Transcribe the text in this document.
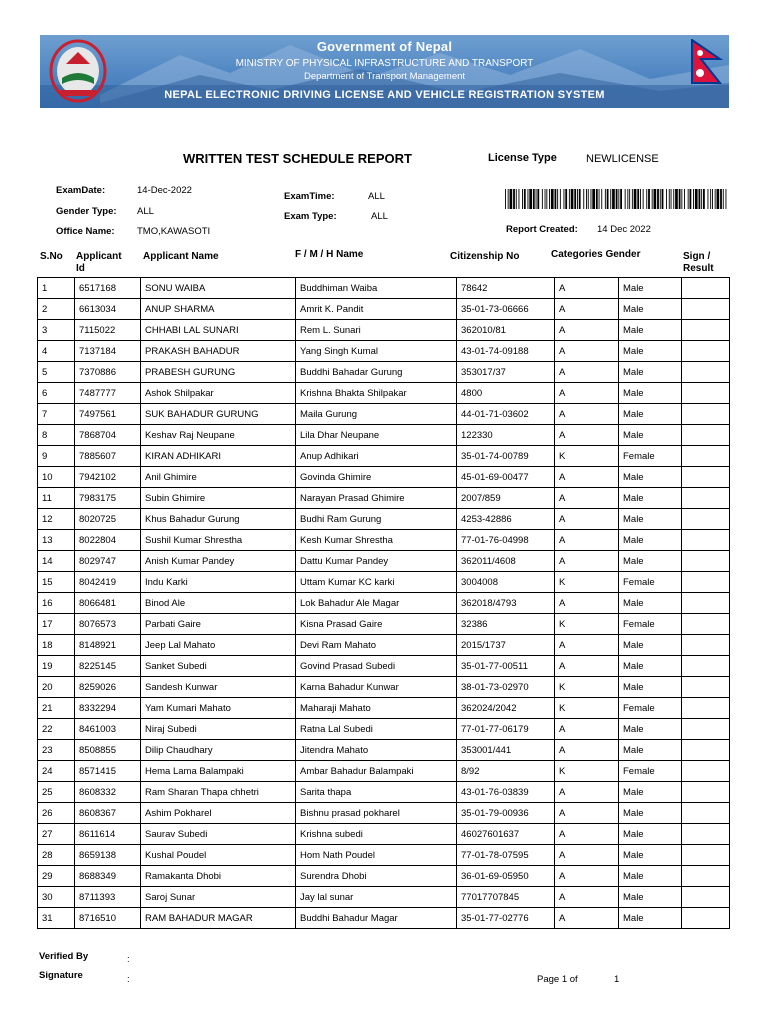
Government of Nepal
MINISTRY OF PHYSICAL INFRASTRUCTURE AND TRANSPORT
Department of Transport Management
NEPAL ELECTRONIC DRIVING LICENSE AND VEHICLE REGISTRATION SYSTEM
WRITTEN TEST SCHEDULE REPORT	License Type	NEWLICENSE
ExamDate:	14-Dec-2022
Gender Type: ALL
Office Name: TMO,KAWASOTI
ExamTime:	ALL
Exam Type:	ALL
Report Created: 14 Dec 2022
S.No Applicant
Id
Applicant Name	F / M / H Name	Citizenship No	Categories Gender	Sign /
Result
1	6517168	SONU WAIBA	Buddhiman Waiba	78642	A	Male	
2	6613034	ANUP SHARMA	Amrit K. Pandit	35-01-73-06666	A	Male	
3	7115022	CHHABI LAL SUNARI	Rem L. Sunari	362010/81	A	Male	
4	7137184	PRAKASH BAHADUR	Yang Singh Kumal	43-01-74-09188	A	Male	
5	7370886	PRABESH GURUNG	Buddhi Bahadar Gurung	353017/37	A	Male	
6	7487777	Ashok Shilpakar	Krishna Bhakta Shilpakar	4800	A	Male	
7	7497561	SUK BAHADUR GURUNG	Maila Gurung	44-01-71-03602	A	Male	
8	7868704	Keshav Raj Neupane	Lila Dhar Neupane	122330	A	Male	
9	7885607	KIRAN ADHIKARI	Anup Adhikari	35-01-74-00789	K	Female	
10	7942102	Anil Ghimire	Govinda Ghimire	45-01-69-00477	A	Male	
11	7983175	Subin Ghimire	Narayan Prasad Ghimire	2007/859	A	Male	
12	8020725	Khus Bahadur Gurung	Budhi Ram Gurung	4253-42886	A	Male	
13	8022804	Sushil Kumar Shrestha	Kesh Kumar Shrestha	77-01-76-04998	A	Male	
14	8029747	Anish Kumar Pandey	Dattu Kumar Pandey	362011/4608	A	Male	
15	8042419	Indu Karki	Uttam Kumar KC karki	3004008	K	Female	
16	8066481	Binod Ale	Lok Bahadur Ale Magar	362018/4793	A	Male	
17	8076573	Parbati Gaire	Kisna Prasad Gaire	32386	K	Female	
18	8148921	Jeep Lal Mahato	Devi Ram Mahato	2015/1737	A	Male	
19	8225145	Sanket Subedi	Govind Prasad Subedi	35-01-77-00511	A	Male	
20	8259026	Sandesh Kunwar	Karna Bahadur Kunwar	38-01-73-02970	K	Male	
21	8332294	Yam Kumari Mahato	Maharaji Mahato	362024/2042	K	Female	
22	8461003	Niraj Subedi	Ratna Lal Subedi	77-01-77-06179	A	Male	
23	8508855	Dilip Chaudhary	Jitendra Mahato	353001/441	A	Male	
24	8571415	Hema Lama Balampaki	Ambar Bahadur Balampaki	8/92	K	Female	
25	8608332	Ram Sharan Thapa chhetri	Sarita thapa	43-01-76-03839	A	Male	
26	8608367	Ashim Pokharel	Bishnu prasad pokharel	35-01-79-00936	A	Male	
27	8611614	Saurav Subedi	Krishna subedi	46027601637	A	Male	
28	8659138	Kushal Poudel	Hom Nath Poudel	77-01-78-07595	A	Male	
29	8688349	Ramakanta Dhobi	Surendra Dhobi	36-01-69-05950	A	Male	
30	8711393	Saroj Sunar	Jay lal sunar	77017707845	A	Male	
31	8716510	RAM BAHADUR MAGAR	Buddhi Bahadur Magar	35-01-77-02776	A	Male	
Verified By	:
Signature	:	Page 1 of	1
